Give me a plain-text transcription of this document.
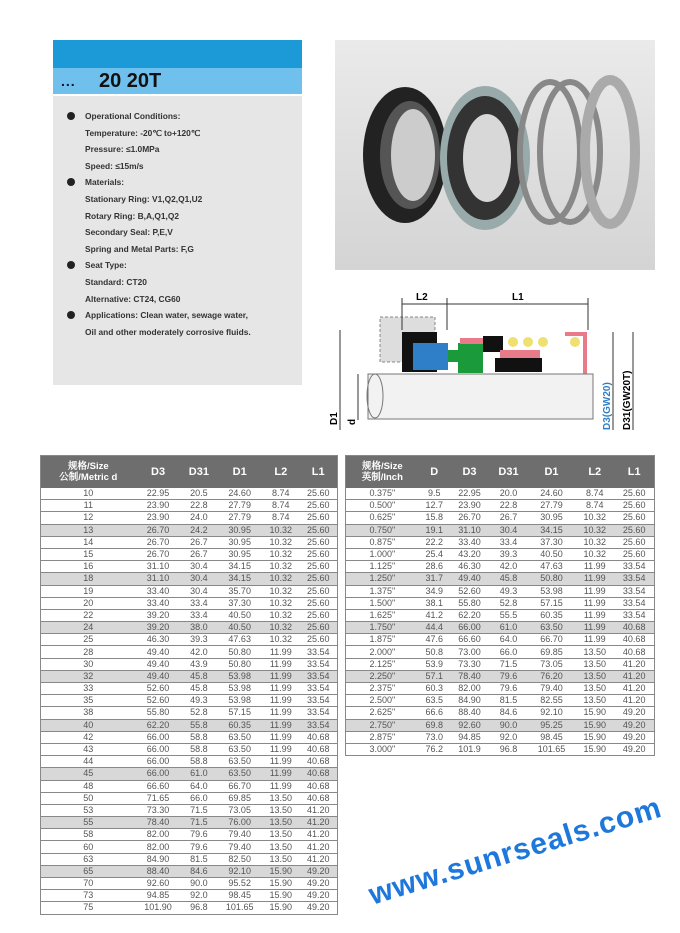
...	20 20T
Operational Conditions:
Temperature: -20℃ to+120℃
Pressure: ≤1.0MPa
Speed: ≤15m/s
Materials:
Stationary Ring: V1,Q2,Q1,U2
Rotary Ring: B,A,Q1,Q2
Secondary Seal: P,E,V
Spring and Metal Parts: F,G
Seat Type:
Standard: CT20
Alternative: CT24, CG60
Applications: Clean water, sewage water,
Oil and other moderately corrosive fluids.
L2	L1
D1 d	D3(GW20) D31(GW20T)
规格/Size
公制/Metric d	D3	D31	D1	L2	L1
10	22.95	20.5	24.60	8.74	25.60
11	23.90	22.8	27.79	8.74	25.60
12	23.90	24.0	27.79	8.74	25.60
13	26.70	24.2	30.95	10.32	25.60
14	26.70	26.7	30.95	10.32	25.60
15	26.70	26.7	30.95	10.32	25.60
16	31.10	30.4	34.15	10.32	25.60
18	31.10	30.4	34.15	10.32	25.60
19	33.40	30.4	35.70	10.32	25.60
20	33.40	33.4	37.30	10.32	25.60
22	39.20	33.4	40.50	10.32	25.60
24	39.20	38.0	40.50	10.32	25.60
25	46.30	39.3	47.63	10.32	25.60
28	49.40	42.0	50.80	11.99	33.54
30	49.40	43.9	50.80	11.99	33.54
32	49.40	45.8	53.98	11.99	33.54
33	52.60	45.8	53.98	11.99	33.54
35	52.60	49.3	53.98	11.99	33.54
38	55.80	52.8	57.15	11.99	33.54
40	62.20	55.8	60.35	11.99	33.54
42	66.00	58.8	63.50	11.99	40.68
43	66.00	58.8	63.50	11.99	40.68
44	66.00	58.8	63.50	11.99	40.68
45	66.00	61.0	63.50	11.99	40.68
48	66.60	64.0	66.70	11.99	40.68
50	71.65	66.0	69.85	13.50	40.68
53	73.30	71.5	73.05	13.50	41.20
55	78.40	71.5	76.00	13.50	41.20
58	82.00	79.6	79.40	13.50	41.20
60	82.00	79.6	79.40	13.50	41.20
63	84.90	81.5	82.50	13.50	41.20
65	88.40	84.6	92.10	15.90	49.20
70	92.60	90.0	95.52	15.90	49.20
73	94.85	92.0	98.45	15.90	49.20
75	101.90	96.8	101.65	15.90	49.20
规格/Size
英制/Inch	D	D3	D31	D1	L2	L1
0.375"	9.5	22.95	20.0	24.60	8.74	25.60
0.500"	12.7	23.90	22.8	27.79	8.74	25.60
0.625"	15.8	26.70	26.7	30.95	10.32	25.60
0.750"	19.1	31.10	30.4	34.15	10.32	25.60
0.875"	22.2	33.40	33.4	37.30	10.32	25.60
1.000"	25.4	43.20	39.3	40.50	10.32	25.60
1.125"	28.6	46.30	42.0	47.63	11.99	33.54
1.250"	31.7	49.40	45.8	50.80	11.99	33.54
1.375"	34.9	52.60	49.3	53.98	11.99	33.54
1.500"	38.1	55.80	52.8	57.15	11.99	33.54
1.625"	41.2	62.20	55.5	60.35	11.99	33.54
1.750"	44.4	66.00	61.0	63.50	11.99	40.68
1.875"	47.6	66.60	64.0	66.70	11.99	40.68
2.000"	50.8	73.00	66.0	69.85	13.50	40.68
2.125"	53.9	73.30	71.5	73.05	13.50	41.20
2.250"	57.1	78.40	79.6	76.20	13.50	41.20
2.375"	60.3	82.00	79.6	79.40	13.50	41.20
2.500"	63.5	84.90	81.5	82.55	13.50	41.20
2.625"	66.6	88.40	84.6	92.10	15.90	49.20
2.750"	69.8	92.60	90.0	95.25	15.90	49.20
2.875"	73.0	94.85	92.0	98.45	15.90	49.20
3.000"	76.2	101.9	96.8	101.65	15.90	49.20
www.sunrseals.com
